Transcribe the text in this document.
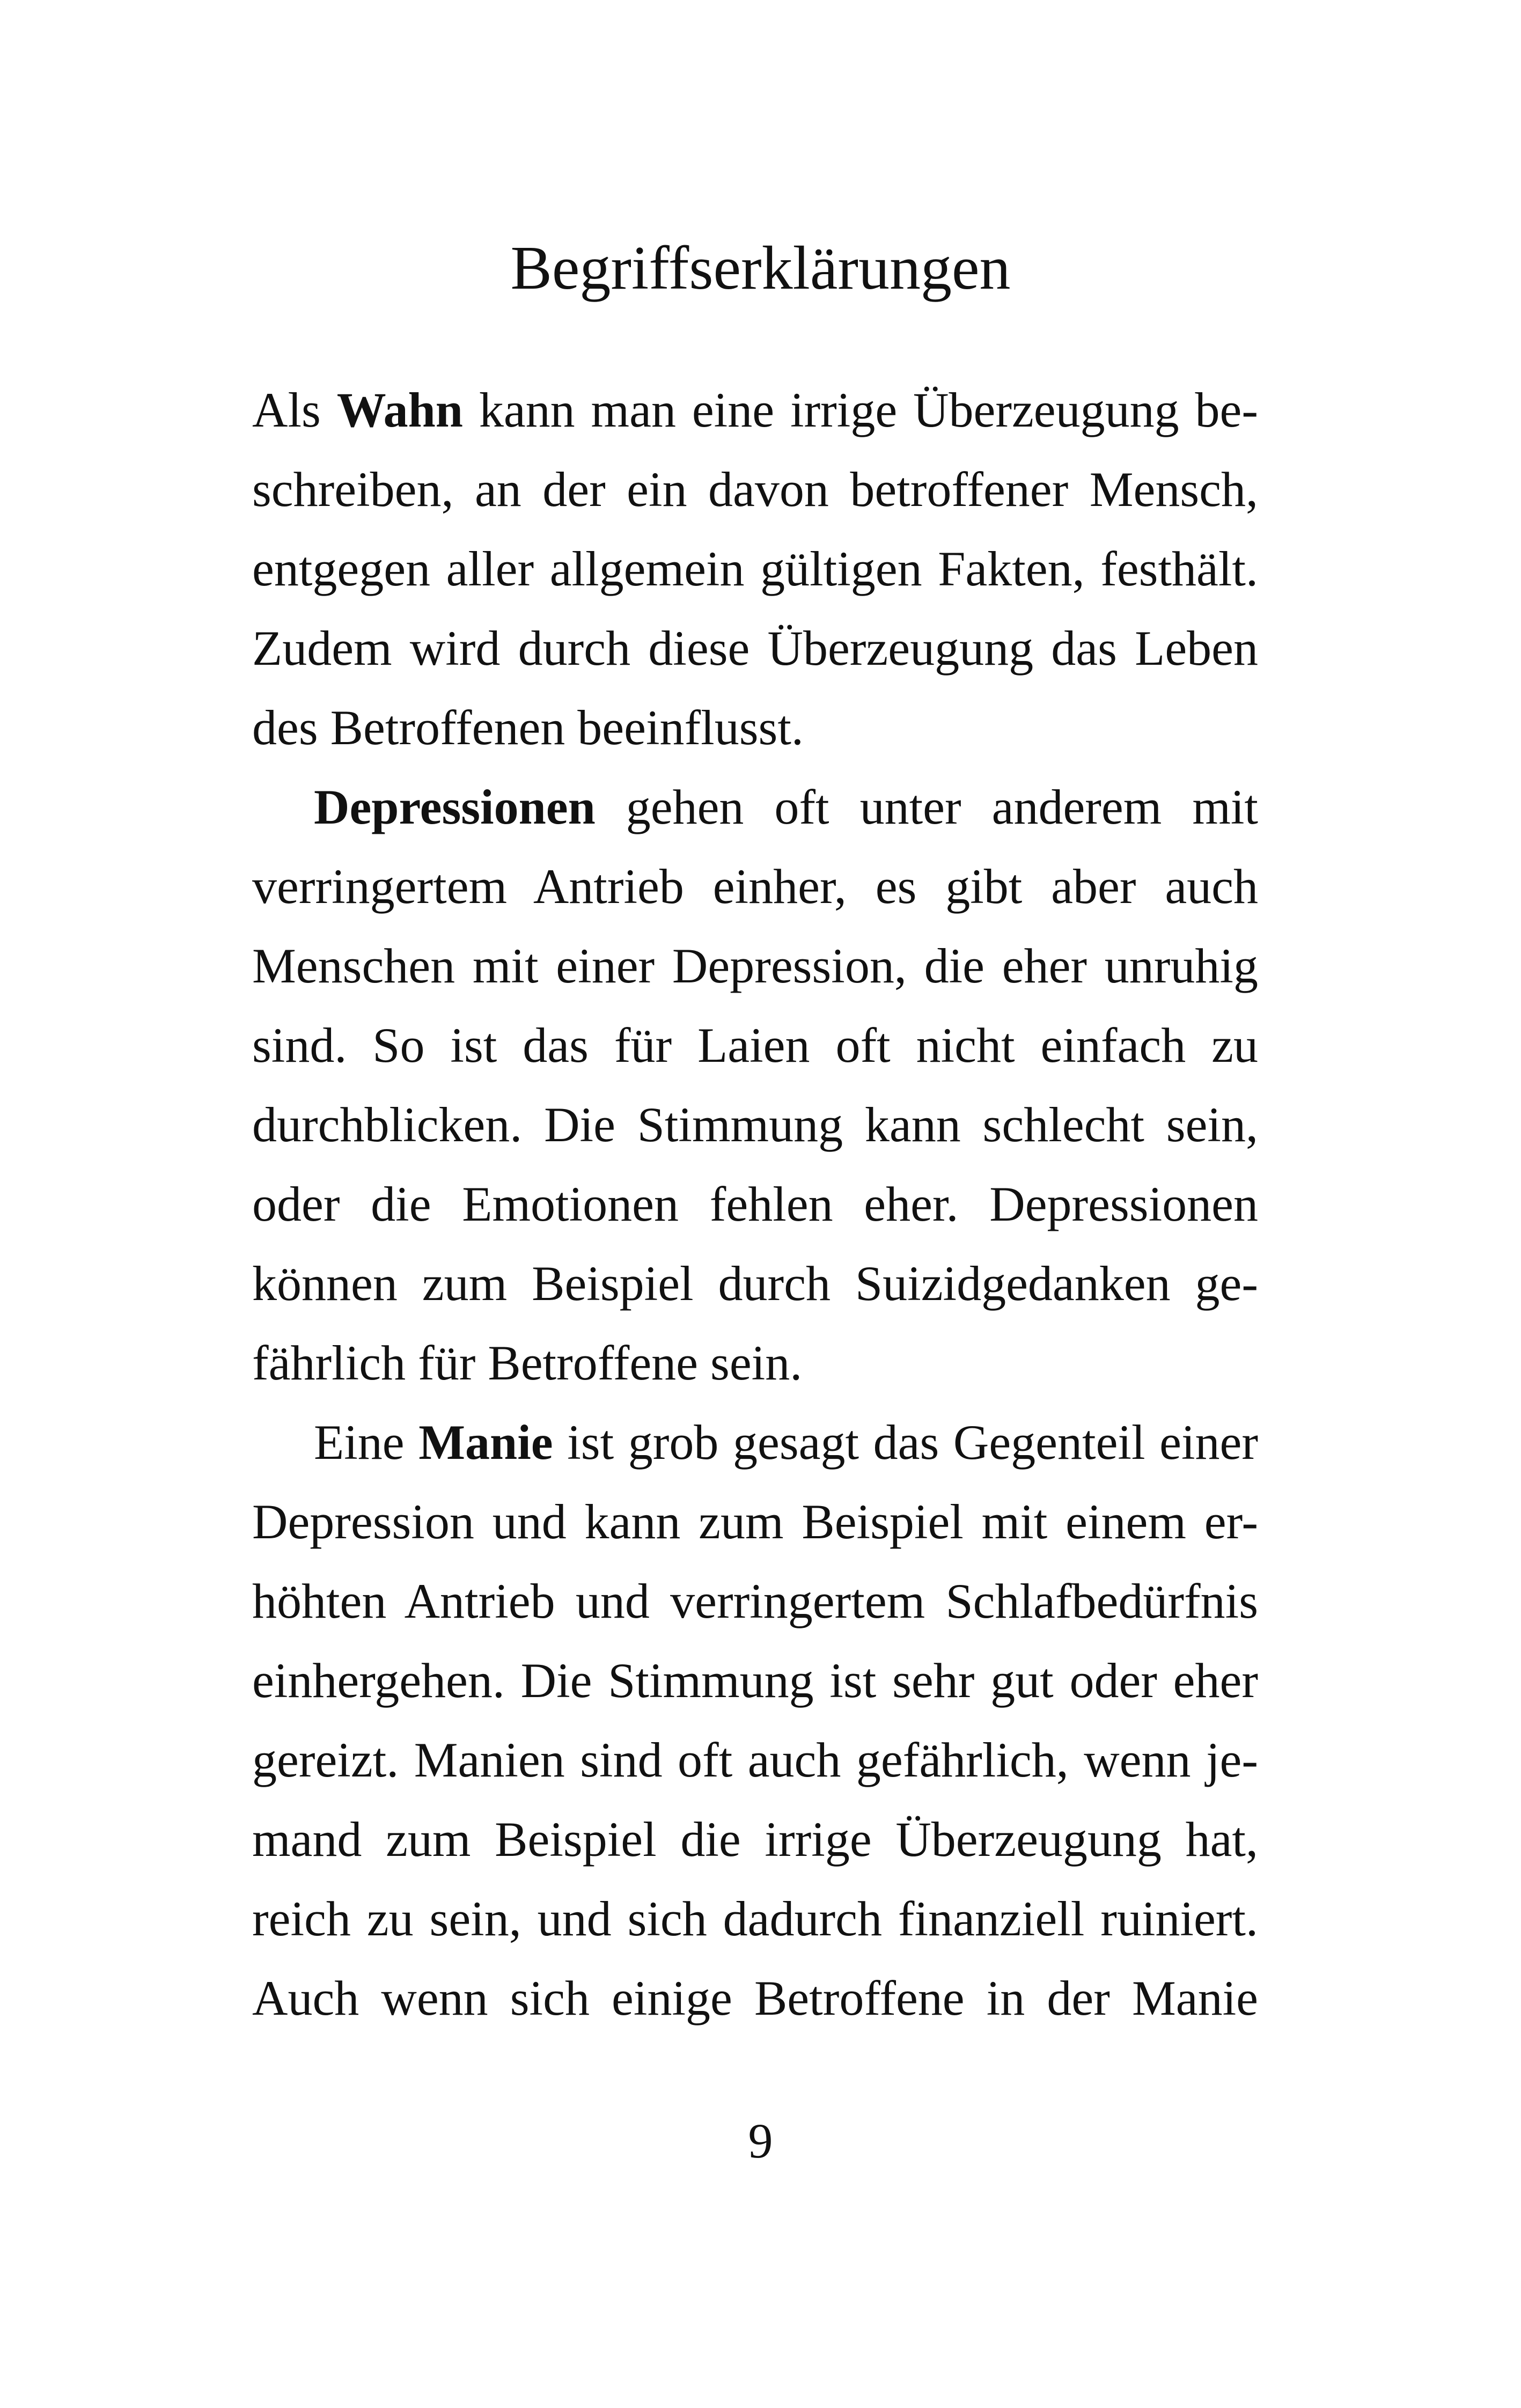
Begriffserklärungen
Als Wahn kann man eine irrige Überzeugung be-
schreiben, an der ein davon betroffener Mensch,
entgegen aller allgemein gültigen Fakten, festhält.
Zudem wird durch diese Überzeugung das Leben
des Betroffenen beeinflusst.
Depressionen gehen oft unter anderem mit
verringertem Antrieb einher, es gibt aber auch
Menschen mit einer Depression, die eher unruhig
sind. So ist das für Laien oft nicht einfach zu
durchblicken. Die Stimmung kann schlecht sein,
oder die Emotionen fehlen eher. Depressionen
können zum Beispiel durch Suizidgedanken ge-
fährlich für Betroffene sein.
Eine Manie ist grob gesagt das Gegenteil einer
Depression und kann zum Beispiel mit einem er-
höhten Antrieb und verringertem Schlafbedürfnis
einhergehen. Die Stimmung ist sehr gut oder eher
gereizt. Manien sind oft auch gefährlich, wenn je-
mand zum Beispiel die irrige Überzeugung hat,
reich zu sein, und sich dadurch finanziell ruiniert.
Auch wenn sich einige Betroffene in der Manie
9
